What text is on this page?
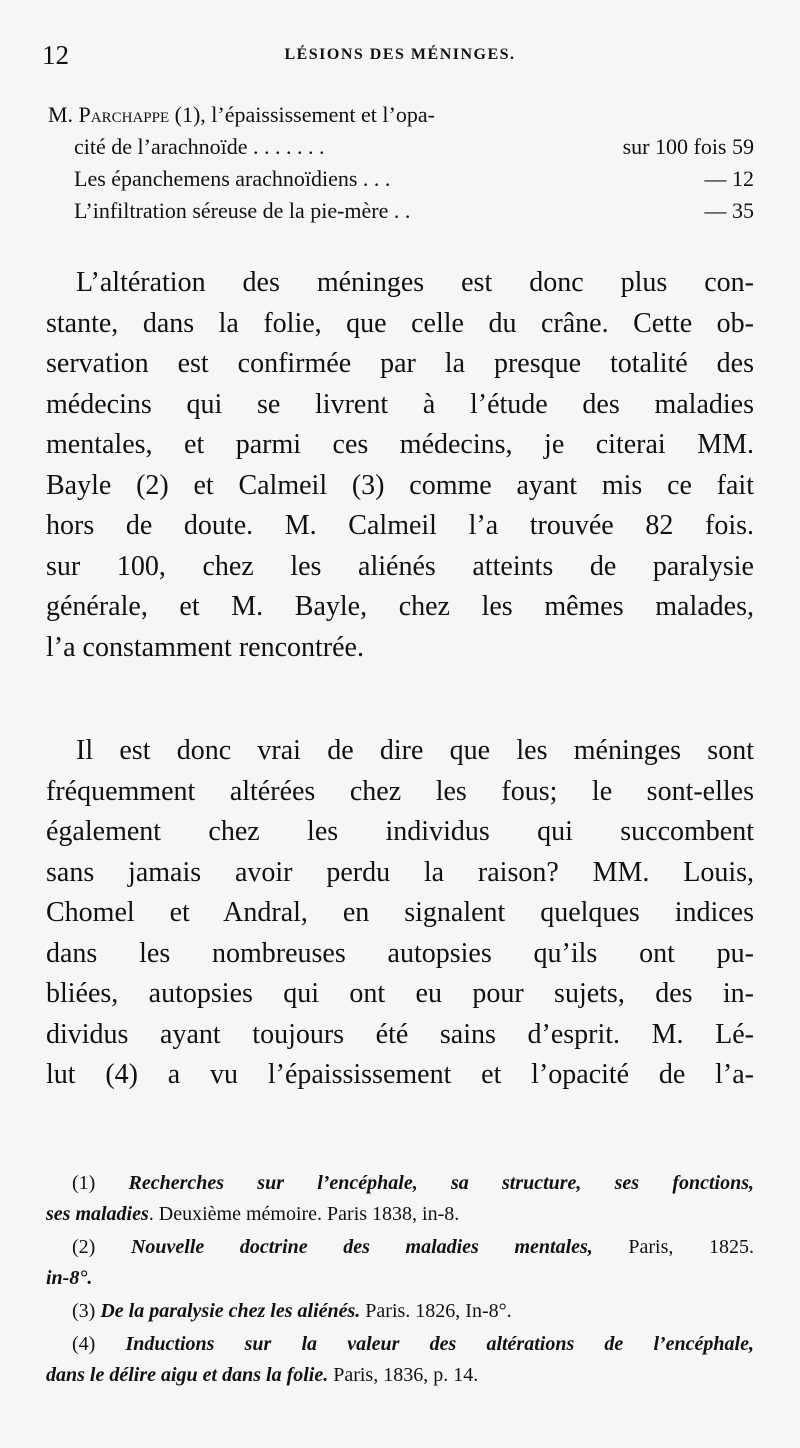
12	LÉSIONS DES MÉNINGES.
M. Parchappe (1), l’épaississement et l’opa-
cité de l’arachnoïde . . . . . . .	sur 100 fois 59
Les épanchemens arachnoïdiens . . .	— 12
L’infiltration séreuse de la pie-mère . .	— 35
L’altération des méninges est donc plus con-
stante, dans la folie, que celle du crâne. Cette ob-
servation est confirmée par la presque totalité des
médecins qui se livrent à l’étude des maladies
mentales, et parmi ces médecins, je citerai MM.
Bayle (2) et Calmeil (3) comme ayant mis ce fait
hors de doute. M. Calmeil l’a trouvée 82 fois.
sur 100, chez les aliénés atteints de paralysie
générale, et M. Bayle, chez les mêmes malades,
l’a constamment rencontrée.
Il est donc vrai de dire que les méninges sont
fréquemment altérées chez les fous; le sont-elles
également chez les individus qui succombent
sans jamais avoir perdu la raison? MM. Louis,
Chomel et Andral, en signalent quelques indices
dans les nombreuses autopsies qu’ils ont pu-
bliées, autopsies qui ont eu pour sujets, des in-
dividus ayant toujours été sains d’esprit. M. Lé-
lut (4) a vu l’épaississement et l’opacité de l’a-
(1) Recherches sur l’encéphale, sa structure, ses fonctions,
ses maladies. Deuxième mémoire. Paris 1838, in-8.
(2) Nouvelle doctrine des maladies mentales, Paris, 1825.
in-8°.
(3) De la paralysie chez les aliénés. Paris. 1826, In-8°.
(4) Inductions sur la valeur des altérations de l’encéphale,
dans le délire aigu et dans la folie. Paris, 1836, p. 14.
